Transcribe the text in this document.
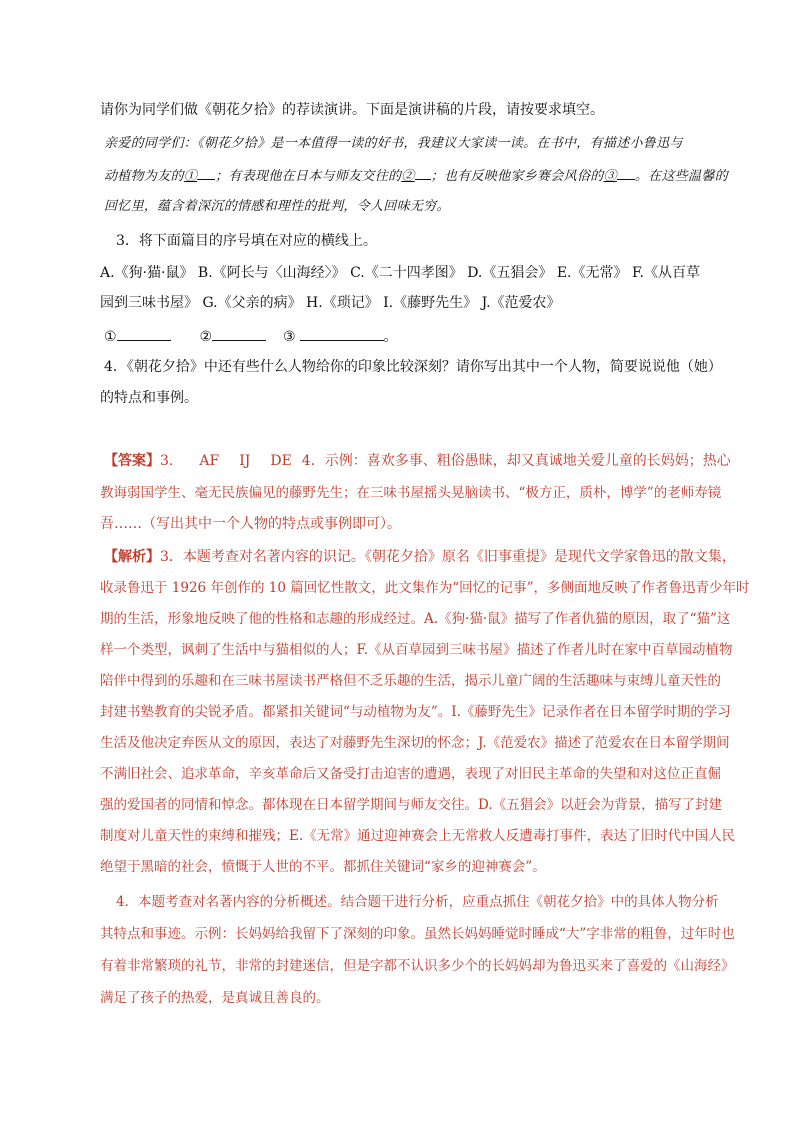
请你为同学们做《朝花夕拾》的荐读演讲。下面是演讲稿的片段，请按要求填空。
亲爱的同学们：《朝花夕拾》是一本值得一读的好书，我建议大家读一读。在书中，有描述小鲁迅与
动植物为友的① ；有表现他在日本与师友交往的② ；也有反映他家乡赛会风俗的③ 。在这些温馨的
回忆里，蕴含着深沉的情感和理性的批判，令人回味无穷。
3．将下面篇目的序号填在对应的横线上。
A.《狗·猫·鼠》 B.《阿长与〈山海经〉》 C.《二十四孝图》 D.《五猖会》 E.《无常》 F.《从百草
园到三味书屋》 G.《父亲的病》 H.《琐记》 I.《藤野先生》 J.《范爱农》
①	②	③	。
4．《朝花夕拾》中还有些什么人物给你的印象比较深刻？请你写出其中一个人物，简要说说他（她）
的特点和事例。
【答案】3. AF IJ DE 4．示例：喜欢多事、粗俗愚昧，却又真诚地关爱儿童的长妈妈；热心
教诲弱国学生、毫无民族偏见的藤野先生；在三味书屋摇头晃脑读书、“极方正，质朴，博学”的老师寿镜
吾……（写出其中一个人物的特点或事例即可）。
【解析】3．本题考查对名著内容的识记。《朝花夕拾》原名《旧事重提》是现代文学家鲁迅的散文集，
收录鲁迅于 1926 年创作的 10 篇回忆性散文，此文集作为“回忆的记事”，多侧面地反映了作者鲁迅青少年时
期的生活，形象地反映了他的性格和志趣的形成经过。A.《狗·猫·鼠》描写了作者仇猫的原因，取了“猫”这
样一个类型，讽刺了生活中与猫相似的人；F.《从百草园到三味书屋》描述了作者儿时在家中百草园动植物
陪伴中得到的乐趣和在三味书屋读书严格但不乏乐趣的生活，揭示儿童广阔的生活趣味与束缚儿童天性的
封建书塾教育的尖锐矛盾。都紧扣关键词“与动植物为友”。I.《藤野先生》记录作者在日本留学时期的学习
生活及他决定弃医从文的原因，表达了对藤野先生深切的怀念；J.《范爱农》描述了范爱农在日本留学期间
不满旧社会、追求革命，辛亥革命后又备受打击迫害的遭遇，表现了对旧民主革命的失望和对这位正直倔
强的爱国者的同情和悼念。都体现在日本留学期间与师友交往。D.《五猖会》以赶会为背景，描写了封建
制度对儿童天性的束缚和摧残；E.《无常》通过迎神赛会上无常救人反遭毒打事件，表达了旧时代中国人民
绝望于黑暗的社会，愤慨于人世的不平。都抓住关键词“家乡的迎神赛会”。
4．本题考查对名著内容的分析概述。结合题干进行分析，应重点抓住《朝花夕拾》中的具体人物分析
其特点和事迹。示例：长妈妈给我留下了深刻的印象。虽然长妈妈睡觉时睡成“大”字非常的粗鲁，过年时也
有着非常繁琐的礼节，非常的封建迷信，但是字都不认识多少个的长妈妈却为鲁迅买来了喜爱的《山海经》
满足了孩子的热爱，是真诚且善良的。
